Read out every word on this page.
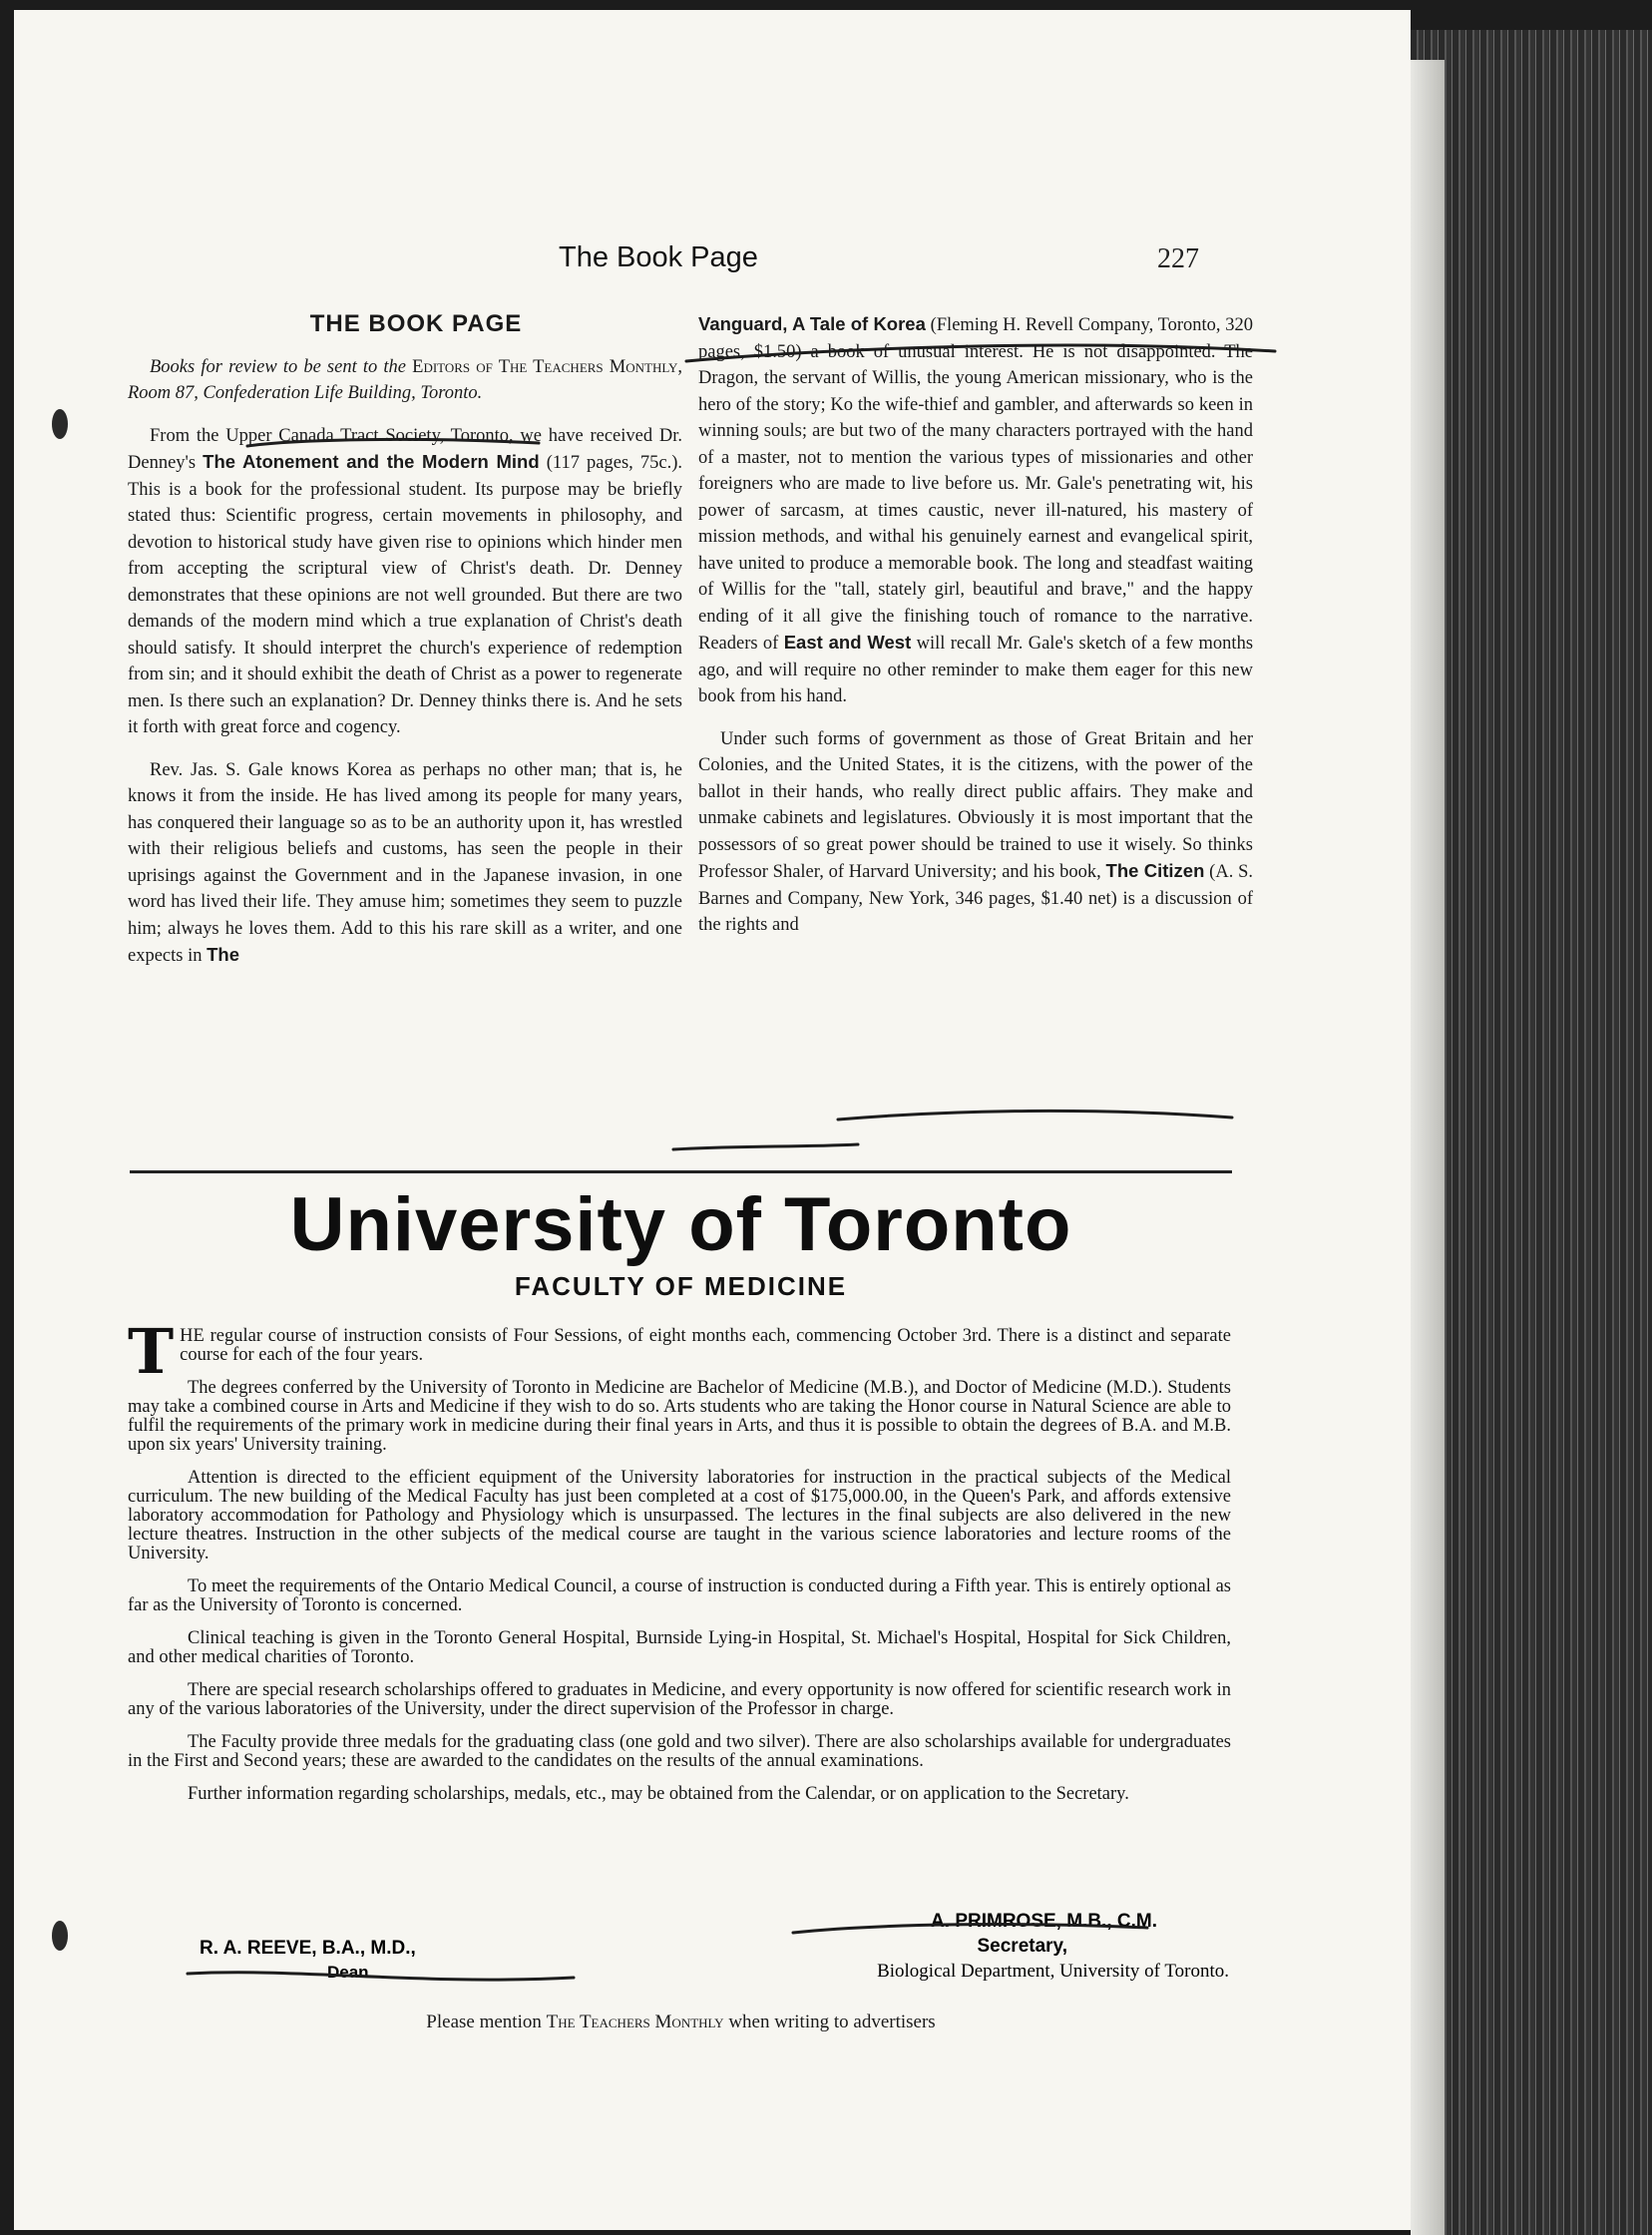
The Book Page	227

THE BOOK PAGE

Books for review to be sent to the Editors of The Teachers Monthly, Room 87, Confederation Life Building, Toronto.

From the Upper Canada Tract Society, Toronto, we have received Dr. Denney's The Atonement and the Modern Mind (117 pages, 75c.). This is a book for the professional student. Its purpose may be briefly stated thus: Scientific progress, certain movements in philosophy, and devotion to historical study have given rise to opinions which hinder men from accepting the scriptural view of Christ's death. Dr. Denney demonstrates that these opinions are not well grounded. But there are two demands of the modern mind which a true explanation of Christ's death should satisfy. It should interpret the church's experience of redemption from sin; and it should exhibit the death of Christ as a power to regenerate men. Is there such an explanation? Dr. Denney thinks there is. And he sets it forth with great force and cogency.

Rev. Jas. S. Gale knows Korea as perhaps no other man; that is, he knows it from the inside. He has lived among its people for many years, has conquered their language so as to be an authority upon it, has wrestled with their religious beliefs and customs, has seen the people in their uprisings against the Government and in the Japanese invasion, in one word has lived their life. They amuse him; sometimes they seem to puzzle him; always he loves them. Add to this his rare skill as a writer, and one expects in The

Vanguard, A Tale of Korea (Fleming H. Revell Company, Toronto, 320 pages, $1.50) a book of unusual interest. He is not disappointed. The Dragon, the servant of Willis, the young American missionary, who is the hero of the story; Ko the wife-thief and gambler, and afterwards so keen in winning souls; are but two of the many characters portrayed with the hand of a master, not to mention the various types of missionaries and other foreigners who are made to live before us. Mr. Gale's penetrating wit, his power of sarcasm, at times caustic, never ill-natured, his mastery of mission methods, and withal his genuinely earnest and evangelical spirit, have united to produce a memorable book. The long and steadfast waiting of Willis for the "tall, stately girl, beautiful and brave," and the happy ending of it all give the finishing touch of romance to the narrative. Readers of East and West will recall Mr. Gale's sketch of a few months ago, and will require no other reminder to make them eager for this new book from his hand.

Under such forms of government as those of Great Britain and her Colonies, and the United States, it is the citizens, with the power of the ballot in their hands, who really direct public affairs. They make and unmake cabinets and legislatures. Obviously it is most important that the possessors of so great power should be trained to use it wisely. So thinks Professor Shaler, of Harvard University; and his book, The Citizen (A. S. Barnes and Company, New York, 346 pages, $1.40 net) is a discussion of the rights and

University of Toronto
FACULTY OF MEDICINE

T HE regular course of instruction consists of Four Sessions, of eight months each, commencing October 3rd. There is a distinct and separate course for each of the four years.

The degrees conferred by the University of Toronto in Medicine are Bachelor of Medicine (M.B.), and Doctor of Medicine (M.D.). Students may take a combined course in Arts and Medicine if they wish to do so. Arts students who are taking the Honor course in Natural Science are able to fulfil the requirements of the primary work in medicine during their final years in Arts, and thus it is possible to obtain the degrees of B.A. and M.B. upon six years' University training.

Attention is directed to the efficient equipment of the University laboratories for instruction in the practical subjects of the Medical curriculum. The new building of the Medical Faculty has just been completed at a cost of $175,000.00, in the Queen's Park, and affords extensive laboratory accommodation for Pathology and Physiology which is unsurpassed. The lectures in the final subjects are also delivered in the new lecture theatres. Instruction in the other subjects of the medical course are taught in the various science laboratories and lecture rooms of the University.

To meet the requirements of the Ontario Medical Council, a course of instruction is conducted during a Fifth year. This is entirely optional as far as the University of Toronto is concerned.

Clinical teaching is given in the Toronto General Hospital, Burnside Lying-in Hospital, St. Michael's Hospital, Hospital for Sick Children, and other medical charities of Toronto.

There are special research scholarships offered to graduates in Medicine, and every opportunity is now offered for scientific research work in any of the various laboratories of the University, under the direct supervision of the Professor in charge.

The Faculty provide three medals for the graduating class (one gold and two silver). There are also scholarships available for undergraduates in the First and Second years; these are awarded to the candidates on the results of the annual examinations.

Further information regarding scholarships, medals, etc., may be obtained from the Calendar, or on application to the Secretary.

R. A. REEVE, B.A., M.D.,
Dean.
A. PRIMROSE, M.B., C.M.

Secretary,
Biological Department, University of Toronto.
Please mention The Teachers Monthly when writing to advertisers
